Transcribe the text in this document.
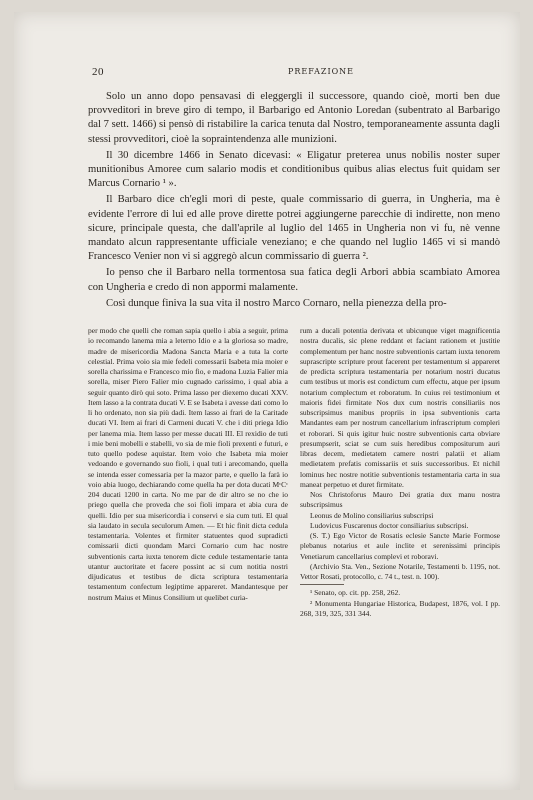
20	PREFAZIONE

Solo un anno dopo pensavasi di eleggergli il successore, quando cioè, morti ben due provveditori in breve giro di tempo, il Barbarigo ed Antonio Loredan (subentrato al Barbarigo dal 7 sett. 1466) si pensò di ristabilire la carica tenuta dal Nostro, temporaneamente assunta dagli stessi provveditori, cioè la sopraintendenza alle munizioni.

Il 30 dicembre 1466 in Senato dicevasi: « Eligatur preterea unus nobilis noster super munitionibus Amoree cum salario modis et conditionibus quibus alias electus fuit quidam ser Marcus Cornario ¹ ».

Il Barbaro dice ch'egli morì di peste, quale commissario di guerra, in Ungheria, ma è evidente l'errore di lui ed alle prove dirette potrei aggiungerne parecchie di indirette, non meno sicure, principale questa, che dall'aprile al luglio del 1465 in Ungheria non vi fu, nè venne mandato alcun rappresentante ufficiale veneziano; e che quando nel luglio 1465 vi si mandò Francesco Venier non vi si aggregò alcun commissario di guerra ².

Io penso che il Barbaro nella tormentosa sua fatica degli Arbori abbia scambiato Amorea con Ungheria e credo di non appormi malamente.

Così dunque finiva la sua vita il nostro Marco Cornaro, nella pienezza della pro-

per modo che quelli che roman sapia quello i abia a seguir, prima io recomando lanema mia a leterno Idio e a la gloriosa so madre, madre de misericordia Madona Sancta Maria e a tuta la corte celestial. Prima voio sia mie fedeli comessarii Isabeta mia moier e sorella charissima e Francesco mio fio, e madona Luzia Falier mia sorella, miser Piero Falier mio cugnado carissimo, i qual abia a seguir quanto dirò qui soto. Prima lasso per diexemo ducati XXV. Item lasso a la contrata ducati V. E se Isabeta i avesse dati como lo li ho ordenato, non sia più dadi. Item lasso ai frari de la Caritade ducati VI. Item ai frari di Carmeni ducati V. che i diti priega Idio per lanema mia. Item lasso per messe ducati III. El rexidio de tuti i mie beni mobelli e stabelli, vo sia de mie fioli prexenti e futuri, e tuto quello podese aquistar. Item voio che Isabeta mia moier vedoando e governando suo fioli, i qual tuti i arecomando, quella se intenda esser comessaria per la mazor parte, e quello la farà io voio abia luogo, dechiarando come quella ha per dota ducati MᶜCᶜ 204 ducati 1200 in carta. No me par de dir altro se no che io priego quella che proveda che soi fioli impara et abia cura de quelli. Idio per sua misericordia i conservi e sia cum tuti. El qual sia laudato in secula seculorum Amen. — Et hic finit dicta cedula testamentaria. Volentes et firmiter statuentes quod supradicti comissarii dicti quondam Marci Cornario cum hac nostre subventionis carta iuxta tenorem dicte cedule testamentarie tanta utantur auctoritate et facere possint ac si cum notitia nostri dijudicatus et testibus de dicta scriptura testamentaria testamentum confectum legiptime appareret. Mandantesque per nostrum Maius et Minus Consilium ut quelibet curia-

rum a ducali potentia derivata et ubicunque viget magnificentia nostra ducalis, sic plene reddant et faciant rationem et justitie complementum per hanc nostre subventionis cartam iuxta tenorem suprascripte scripture prout facerent per testamentum si appareret de predicta scriptura testamentaria per notarium nostri ducatus cum testibus ut moris est condictum cum effectu, atque per ipsum notarium complectum et roboratum. In cuius rei testimonium et maioris fidei firmitate Nos dux cum nostris consiliariis nos subscripsimus manibus propriis in ipsa subventionis carta Mandantes eam per nostrum cancellarium infrascriptum compleri et roborari. Si quis igitur huic nostre subventionis carta obviare presumpserit, sciat se cum suis heredibus compositurum auri libras decem, medietatem camere nostri palatii et aliam medietatem prefatis comissariis et suis successoribus. Et nichil lominus hec nostre notitie subventionis testamentaria carta in sua maneat perpetuo et duret firmitate.

Nos Christoforus Mauro Dei gratia dux manu nostra subscripsimus

Leonus de Molino consiliarius subscripsi

Ludovicus Fuscarenus doctor consiliarius subscripsi.

(S. T.) Ego Victor de Rosatis eclesie Sancte Marie Formose plebanus notarius et aule inclite et serenissimi principis Venetiarum cancellarius complevi et roboravi.

(Archivio Sta. Ven., Sezione Notarile, Testamenti b. 1195, not. Vettor Rosati, protocollo, c. 74 t., test. n. 100).

¹ Senato, op. cit. pp. 258, 262.

² Monumenta Hungariae Historica, Budapest, 1876, vol. I pp. 268, 319, 325, 331 344.
